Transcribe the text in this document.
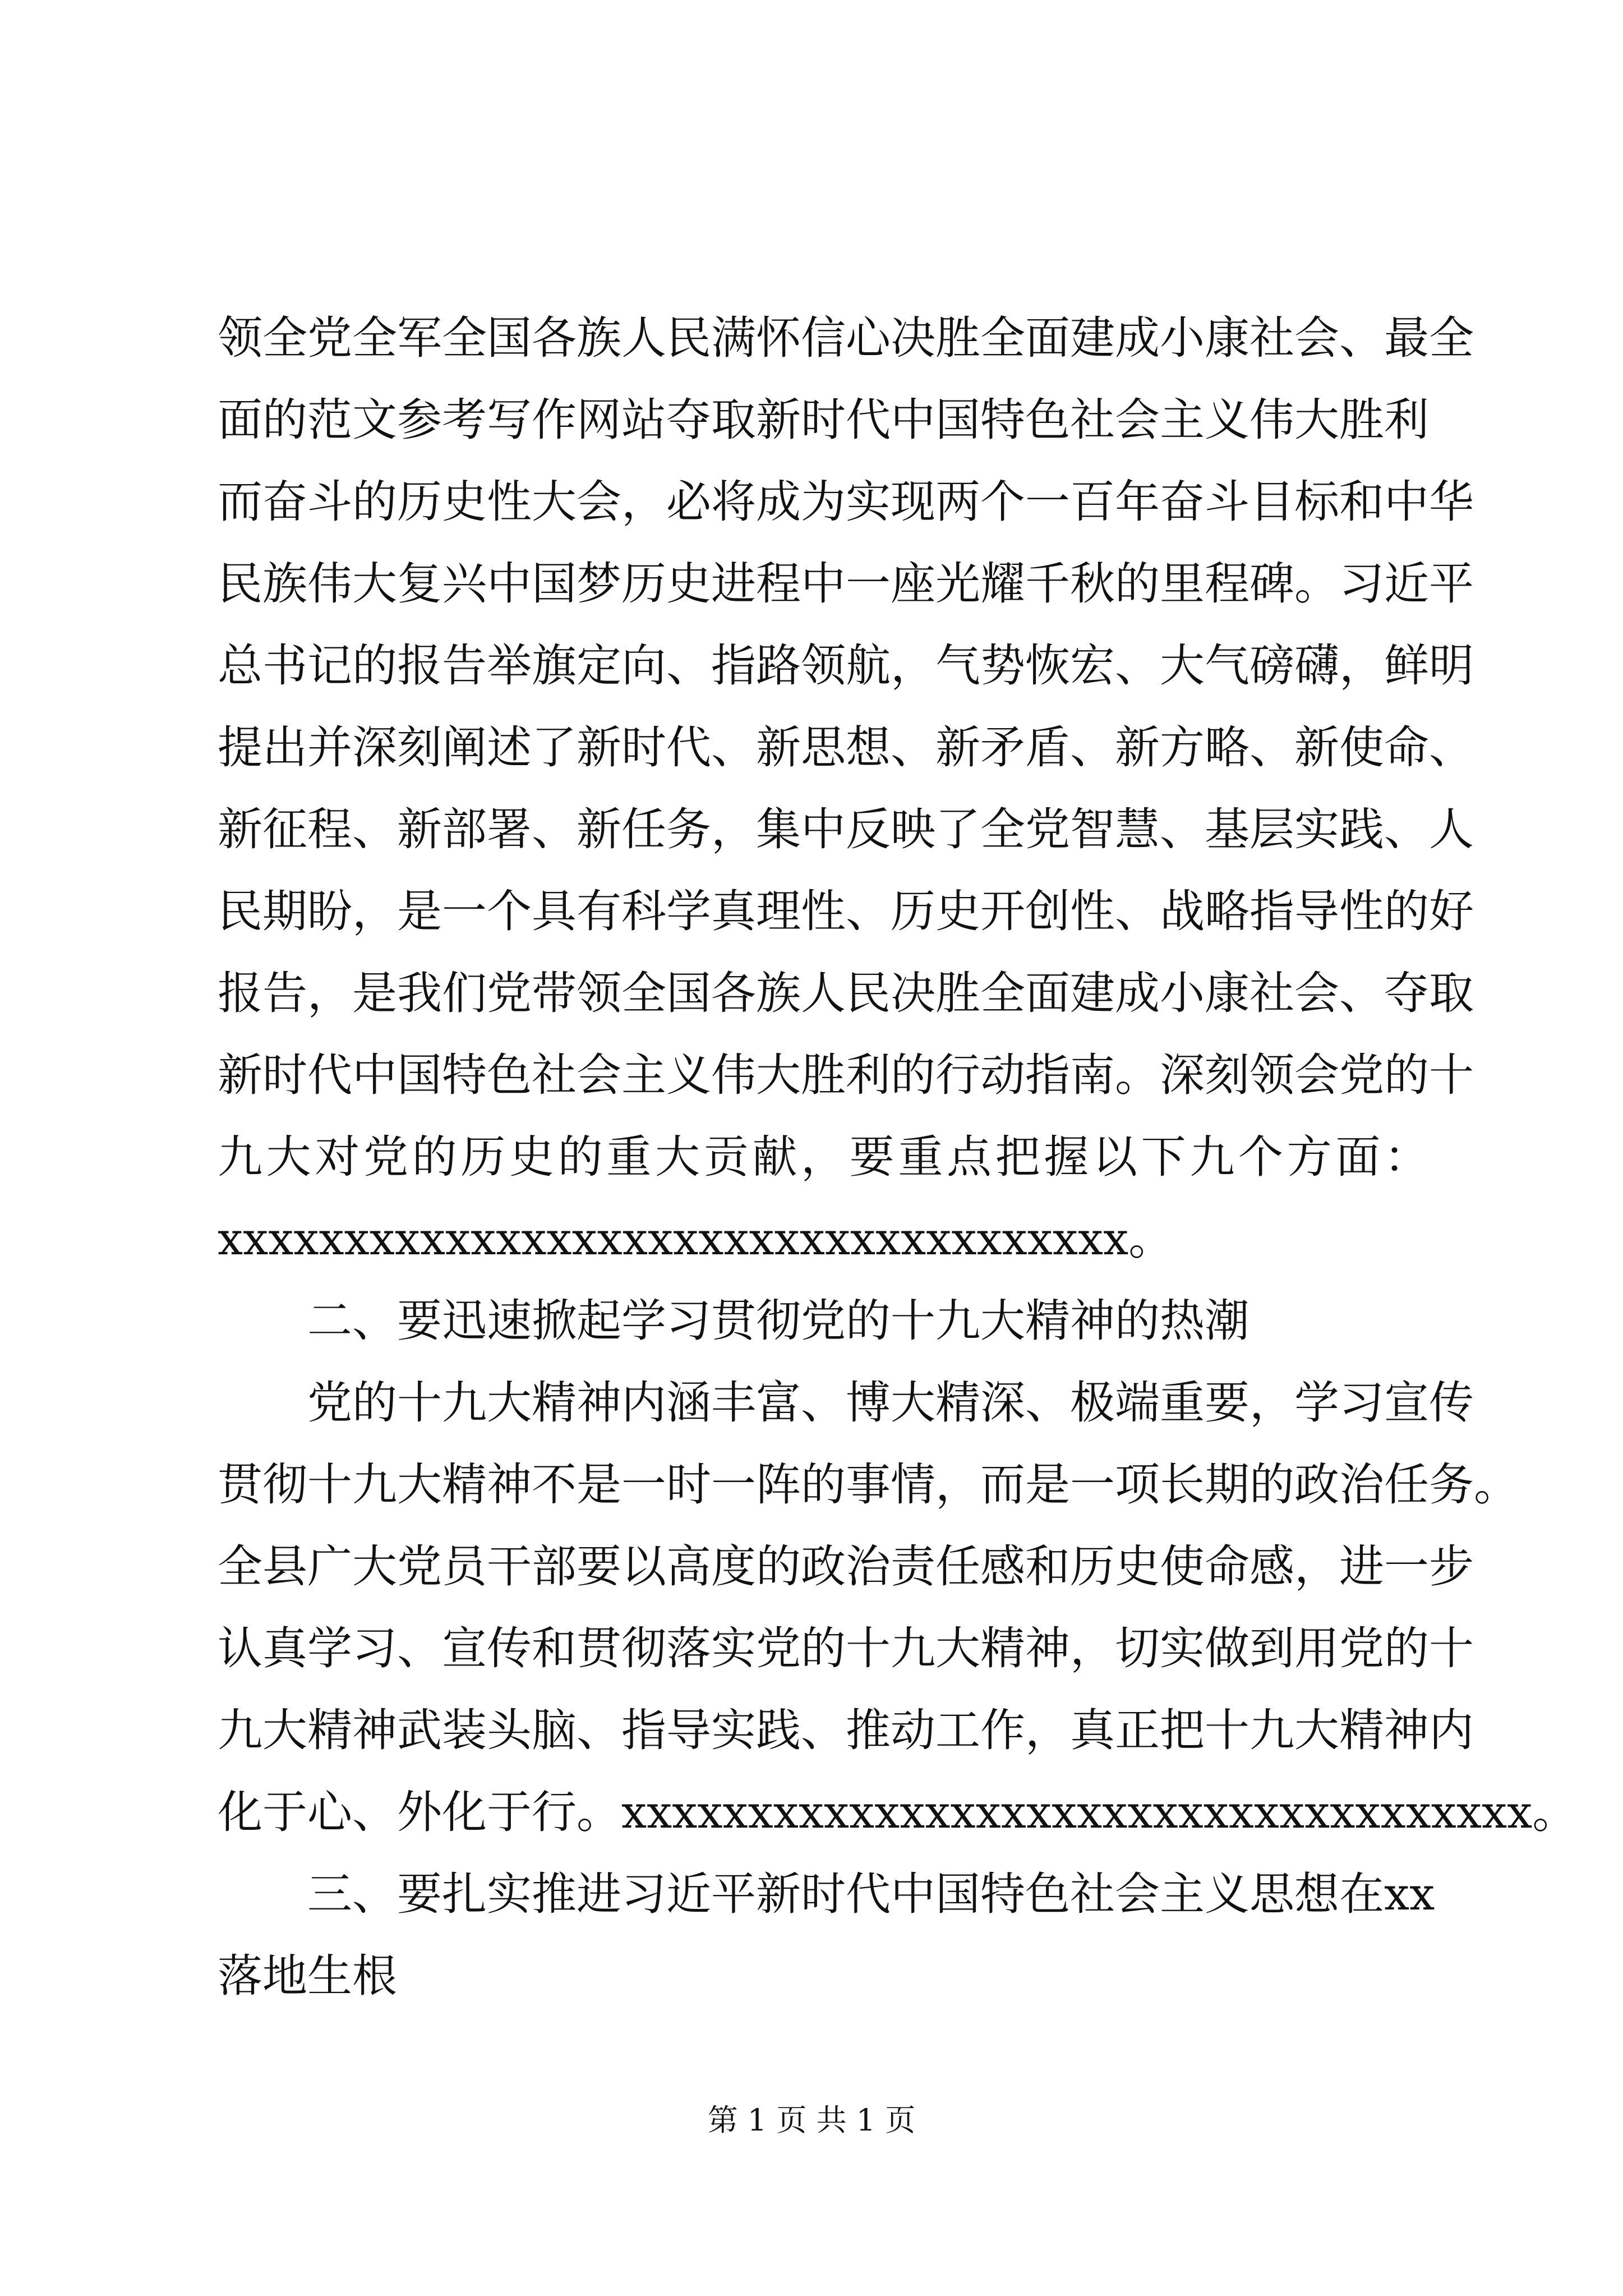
领全党全军全国各族人民满怀信心决胜全面建成小康社会、最全
面的范文参考写作网站夺取新时代中国特色社会主义伟大胜利
而奋斗的历史性大会，必将成为实现两个一百年奋斗目标和中华
民族伟大复兴中国梦历史进程中一座光耀千秋的里程碑。习近平
总书记的报告举旗定向、指路领航，气势恢宏、大气磅礴，鲜明
提出并深刻阐述了新时代、新思想、新矛盾、新方略、新使命、
新征程、新部署、新任务，集中反映了全党智慧、基层实践、人
民期盼，是一个具有科学真理性、历史开创性、战略指导性的好
报告，是我们党带领全国各族人民决胜全面建成小康社会、夺取
新时代中国特色社会主义伟大胜利的行动指南。深刻领会党的十
九大对党的历史的重大贡献，要重点把握以下九个方面：
xxxxxxxxxxxxxxxxxxxxxxxxxxxxxxxxxxxx。
二、要迅速掀起学习贯彻党的十九大精神的热潮
党的十九大精神内涵丰富、博大精深、极端重要，学习宣传
贯彻十九大精神不是一时一阵的事情，而是一项长期的政治任务。
全县广大党员干部要以高度的政治责任感和历史使命感，进一步
认真学习、宣传和贯彻落实党的十九大精神，切实做到用党的十
九大精神武装头脑、指导实践、推动工作，真正把十九大精神内
化于心、外化于行。xxxxxxxxxxxxxxxxxxxxxxxxxxxxxxxxxxxx。
三、要扎实推进习近平新时代中国特色社会主义思想在xx
落地生根
第 1 页 共 1 页
